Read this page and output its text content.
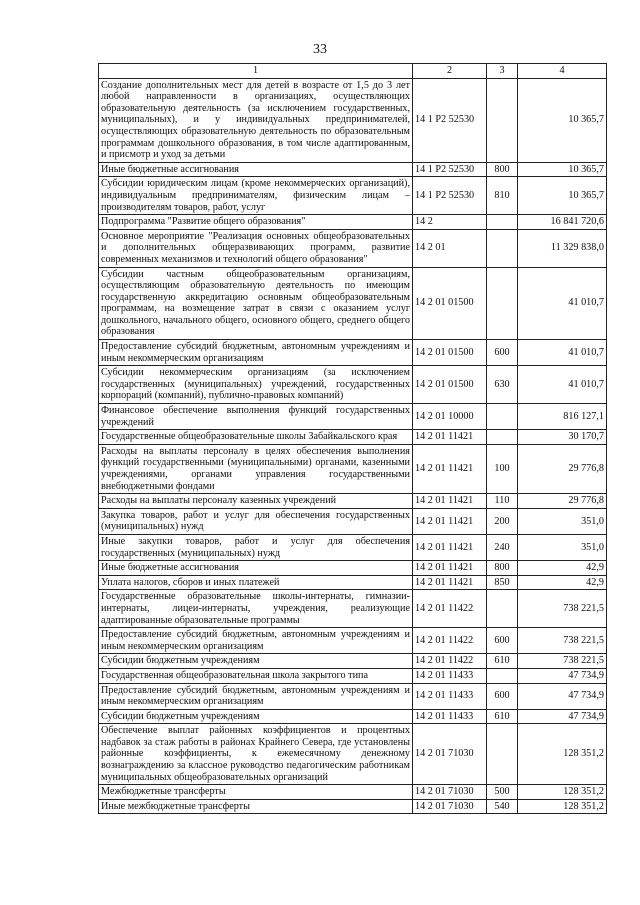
33
1	2	3	4
Создание дополнительных мест для детей в возрасте от 1,5 до 3 лет любой направленности в организациях, осуществляющих образовательную деятельность (за исключением государственных, муниципальных), и у индивидуальных предпринимателей, осуществляющих образовательную деятельность по образовательным программам дошкольного образования, в том числе адаптированным, и присмотр и уход за детьми	14 1 Р2 52530		10 365,7
Иные бюджетные ассигнования	14 1 Р2 52530	800	10 365,7
Субсидии юридическим лицам (кроме некоммерческих организаций), индивидуальным предпринимателям, физическим лицам – производителям товаров, работ, услуг	14 1 Р2 52530	810	10 365,7
Подпрограмма "Развитие общего образования"	14 2		16 841 720,6
Основное мероприятие "Реализация основных общеобразовательных и дополнительных общеразвивающих программ, развитие современных механизмов и технологий общего образования"	14 2 01		11 329 838,0
Субсидии частным общеобразовательным организациям, осуществляющим образовательную деятельность по имеющим государственную аккредитацию основным общеобразовательным программам, на возмещение затрат в связи с оказанием услуг дошкольного, начального общего, основного общего, среднего общего образования	14 2 01 01500		41 010,7
Предоставление субсидий бюджетным, автономным учреждениям и иным некоммерческим организациям	14 2 01 01500	600	41 010,7
Субсидии некоммерческим организациям (за исключением государственных (муниципальных) учреждений, государственных корпораций (компаний), публично-правовых компаний)	14 2 01 01500	630	41 010,7
Финансовое обеспечение выполнения функций государственных учреждений	14 2 01 10000		816 127,1
Государственные общеобразовательные школы Забайкальского края	14 2 01 11421		30 170,7
Расходы на выплаты персоналу в целях обеспечения выполнения функций государственными (муниципальными) органами, казенными учреждениями, органами управления государственными внебюджетными фондами	14 2 01 11421	100	29 776,8
Расходы на выплаты персоналу казенных учреждений	14 2 01 11421	110	29 776,8
Закупка товаров, работ и услуг для обеспечения государственных (муниципальных) нужд	14 2 01 11421	200	351,0
Иные закупки товаров, работ и услуг для обеспечения государственных (муниципальных) нужд	14 2 01 11421	240	351,0
Иные бюджетные ассигнования	14 2 01 11421	800	42,9
Уплата налогов, сборов и иных платежей	14 2 01 11421	850	42,9
Государственные образовательные школы-интернаты, гимназии-интернаты, лицеи-интернаты, учреждения, реализующие адаптированные образовательные программы	14 2 01 11422		738 221,5
Предоставление субсидий бюджетным, автономным учреждениям и иным некоммерческим организациям	14 2 01 11422	600	738 221,5
Субсидии бюджетным учреждениям	14 2 01 11422	610	738 221,5
Государственная общеобразовательная школа закрытого типа	14 2 01 11433		47 734,9
Предоставление субсидий бюджетным, автономным учреждениям и иным некоммерческим организациям	14 2 01 11433	600	47 734,9
Субсидии бюджетным учреждениям	14 2 01 11433	610	47 734,9
Обеспечение выплат районных коэффициентов и процентных надбавок за стаж работы в районах Крайнего Севера, где установлены районные коэффициенты, к ежемесячному денежному вознаграждению за классное руководство педагогическим работникам муниципальных общеобразовательных организаций	14 2 01 71030		128 351,2
Межбюджетные трансферты	14 2 01 71030	500	128 351,2
Иные межбюджетные трансферты	14 2 01 71030	540	128 351,2
